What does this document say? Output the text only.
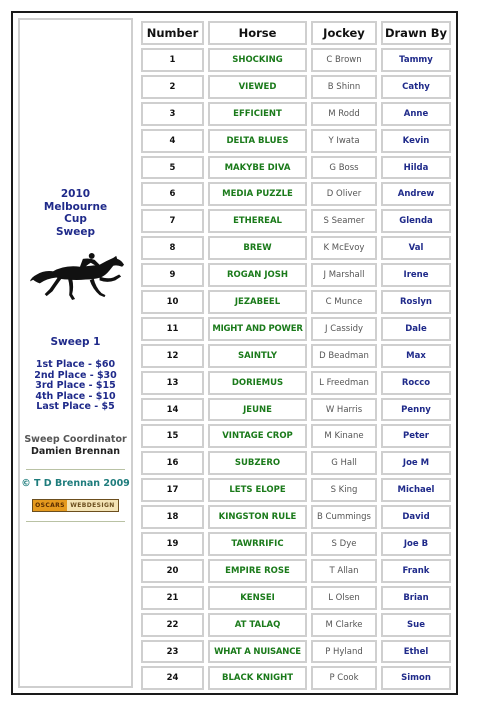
2010
Melbourne
Cup
Sweep
Sweep 1
1st Place - $60
2nd Place - $30
3rd Place - $15
4th Place - $10
Last Place - $5
Sweep Coordinator
Damien Brennan
© T D Brennan 2009
OSCARS WEBDESIGN
Number	Horse	Jockey	Drawn By
1	SHOCKING	C Brown	Tammy
2	VIEWED	B Shinn	Cathy
3	EFFICIENT	M Rodd	Anne
4	DELTA BLUES	Y Iwata	Kevin
5	MAKYBE DIVA	G Boss	Hilda
6	MEDIA PUZZLE	D Oliver	Andrew
7	ETHEREAL	S Seamer	Glenda
8	BREW	K McEvoy	Val
9	ROGAN JOSH	J Marshall	Irene
10	JEZABEEL	C Munce	Roslyn
11	MIGHT AND POWER	J Cassidy	Dale
12	SAINTLY	D Beadman	Max
13	DORIEMUS	L Freedman	Rocco
14	JEUNE	W Harris	Penny
15	VINTAGE CROP	M Kinane	Peter
16	SUBZERO	G Hall	Joe M
17	LETS ELOPE	S King	Michael
18	KINGSTON RULE	B Cummings	David
19	TAWRRIFIC	S Dye	Joe B
20	EMPIRE ROSE	T Allan	Frank
21	KENSEI	L Olsen	Brian
22	AT TALAQ	M Clarke	Sue
23	WHAT A NUISANCE	P Hyland	Ethel
24	BLACK KNIGHT	P Cook	Simon
